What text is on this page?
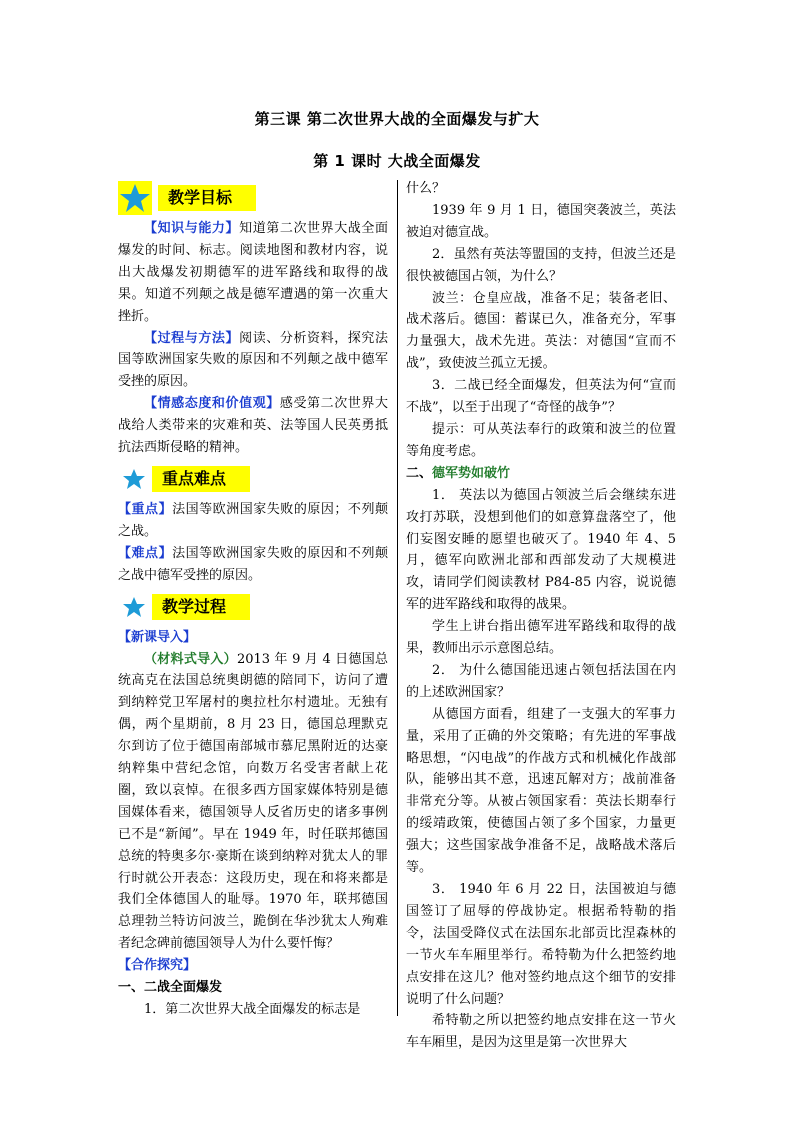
第三课 第二次世界大战的全面爆发与扩大
第 1 课时 大战全面爆发
教学目标

【知识与能力】知道第二次世界大战全面爆发的时间、标志。阅读地图和教材内容，说出大战爆发初期德军的进军路线和取得的战果。知道不列颠之战是德军遭遇的第一次重大挫折。

【过程与方法】阅读、分析资料，探究法国等欧洲国家失败的原因和不列颠之战中德军受挫的原因。

【情感态度和价值观】感受第二次世界大战给人类带来的灾难和英、法等国人民英勇抵抗法西斯侵略的精神。

重点难点

【重点】法国等欧洲国家失败的原因；不列颠之战。

【难点】法国等欧洲国家失败的原因和不列颠之战中德军受挫的原因。

教学过程

【新课导入】

（材料式导入）2013 年 9 月 4 日德国总统高克在法国总统奥朗德的陪同下，访问了遭到纳粹党卫军屠村的奥拉杜尔村遗址。无独有偶，两个星期前，8 月 23 日，德国总理默克尔到访了位于德国南部城市慕尼黑附近的达豪纳粹集中营纪念馆，向数万名受害者献上花圈，致以哀悼。在很多西方国家媒体特别是德国媒体看来，德国领导人反省历史的诸多事例已不是“新闻”。早在 1949 年，时任联邦德国总统的特奥多尔·豪斯在谈到纳粹对犹太人的罪行时就公开表态：这段历史，现在和将来都是我们全体德国人的耻辱。1970 年，联邦德国总理勃兰特访问波兰，跪倒在华沙犹太人殉难者纪念碑前德国领导人为什么要忏悔？

【合作探究】

一、二战全面爆发

1．第二次世界大战全面爆发的标志是

什么？

1939 年 9 月 1 日，德国突袭波兰，英法被迫对德宣战。

2．虽然有英法等盟国的支持，但波兰还是很快被德国占领，为什么？

波兰：仓皇应战，准备不足；装备老旧、战术落后。德国：蓄谋已久，准备充分，军事力量强大，战术先进。英法：对德国“宣而不战”，致使波兰孤立无援。

3．二战已经全面爆发，但英法为何“宣而不战”，以至于出现了“奇怪的战争”？

提示：可从英法奉行的政策和波兰的位置等角度考虑。

二、德军势如破竹

1． 英法以为德国占领波兰后会继续东进攻打苏联，没想到他们的如意算盘落空了，他们妄图安睡的愿望也破灭了。1940 年 4、5 月，德军向欧洲北部和西部发动了大规模进攻，请同学们阅读教材 P84-85 内容，说说德军的进军路线和取得的战果。

学生上讲台指出德军进军路线和取得的战果，教师出示示意图总结。

2． 为什么德国能迅速占领包括法国在内的上述欧洲国家？

从德国方面看，组建了一支强大的军事力量，采用了正确的外交策略；有先进的军事战略思想，“闪电战”的作战方式和机械化作战部队，能够出其不意，迅速瓦解对方；战前准备非常充分等。从被占领国家看：英法长期奉行的绥靖政策，使德国占领了多个国家，力量更强大；这些国家战争准备不足，战略战术落后等。

3． 1940 年 6 月 22 日，法国被迫与德国签订了屈辱的停战协定。根据希特勒的指令，法国受降仪式在法国东北部贡比涅森林的一节火车车厢里举行。希特勒为什么把签约地点安排在这儿？他对签约地点这个细节的安排说明了什么问题？

希特勒之所以把签约地点安排在这一节火车车厢里，是因为这里是第一次世界大
